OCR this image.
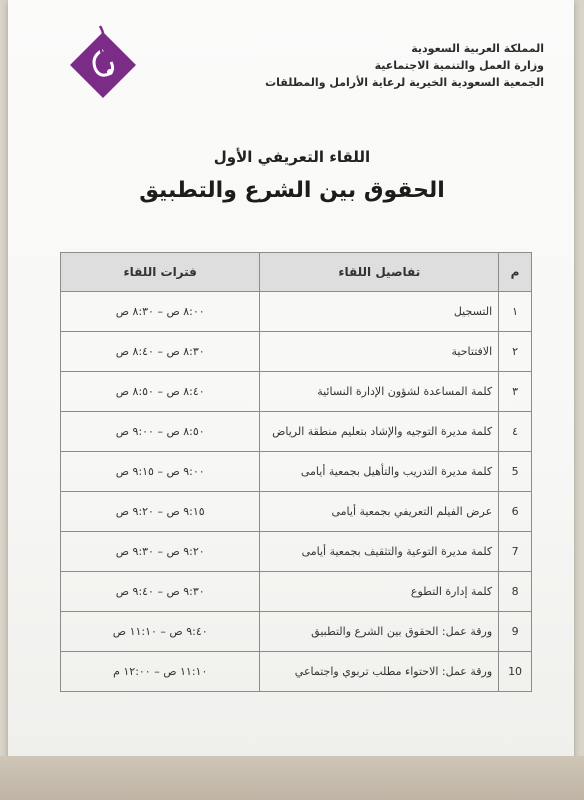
المملكة العربية السعودية
وزارة العمل والتنمية الاجتماعية
الجمعية السعودية الخيرية لرعاية الأرامل والمطلقات
اللقاء التعريفي الأول
الحقوق بين الشرع والتطبيق
م	تفاصيل اللقاء	فترات اللقاء
١	التسجيل	٨:٠٠ ص – ٨:٣٠ ص
٢	الافتتاحية	٨:٣٠ ص – ٨:٤٠ ص
٣	كلمة المساعدة لشؤون الإدارة النسائية	٨:٤٠ ص – ٨:٥٠ ص
٤	كلمة مديرة التوجيه والإشاد بتعليم منطقة الرياض	٨:٥٠ ص – ٩:٠٠ ص
5	كلمة مديرة التدريب والتأهيل بجمعية أيامى	٩:٠٠ ص – ٩:١٥ ص
6	عرض الفيلم التعريفي بجمعية أيامى	٩:١٥ ص – ٩:٢٠ ص
7	كلمة مديرة التوعية والتثقيف بجمعية أيامى	٩:٢٠ ص – ٩:٣٠ ص
8	كلمة إدارة التطوع	٩:٣٠ ص – ٩:٤٠ ص
9	ورقة عمل: الحقوق بين الشرع والتطبيق	٩:٤٠ ص – ١١:١٠ ص
10	ورقة عمل: الاحتواء مطلب تربوي واجتماعي	١١:١٠ ص – ١٢:٠٠ م
